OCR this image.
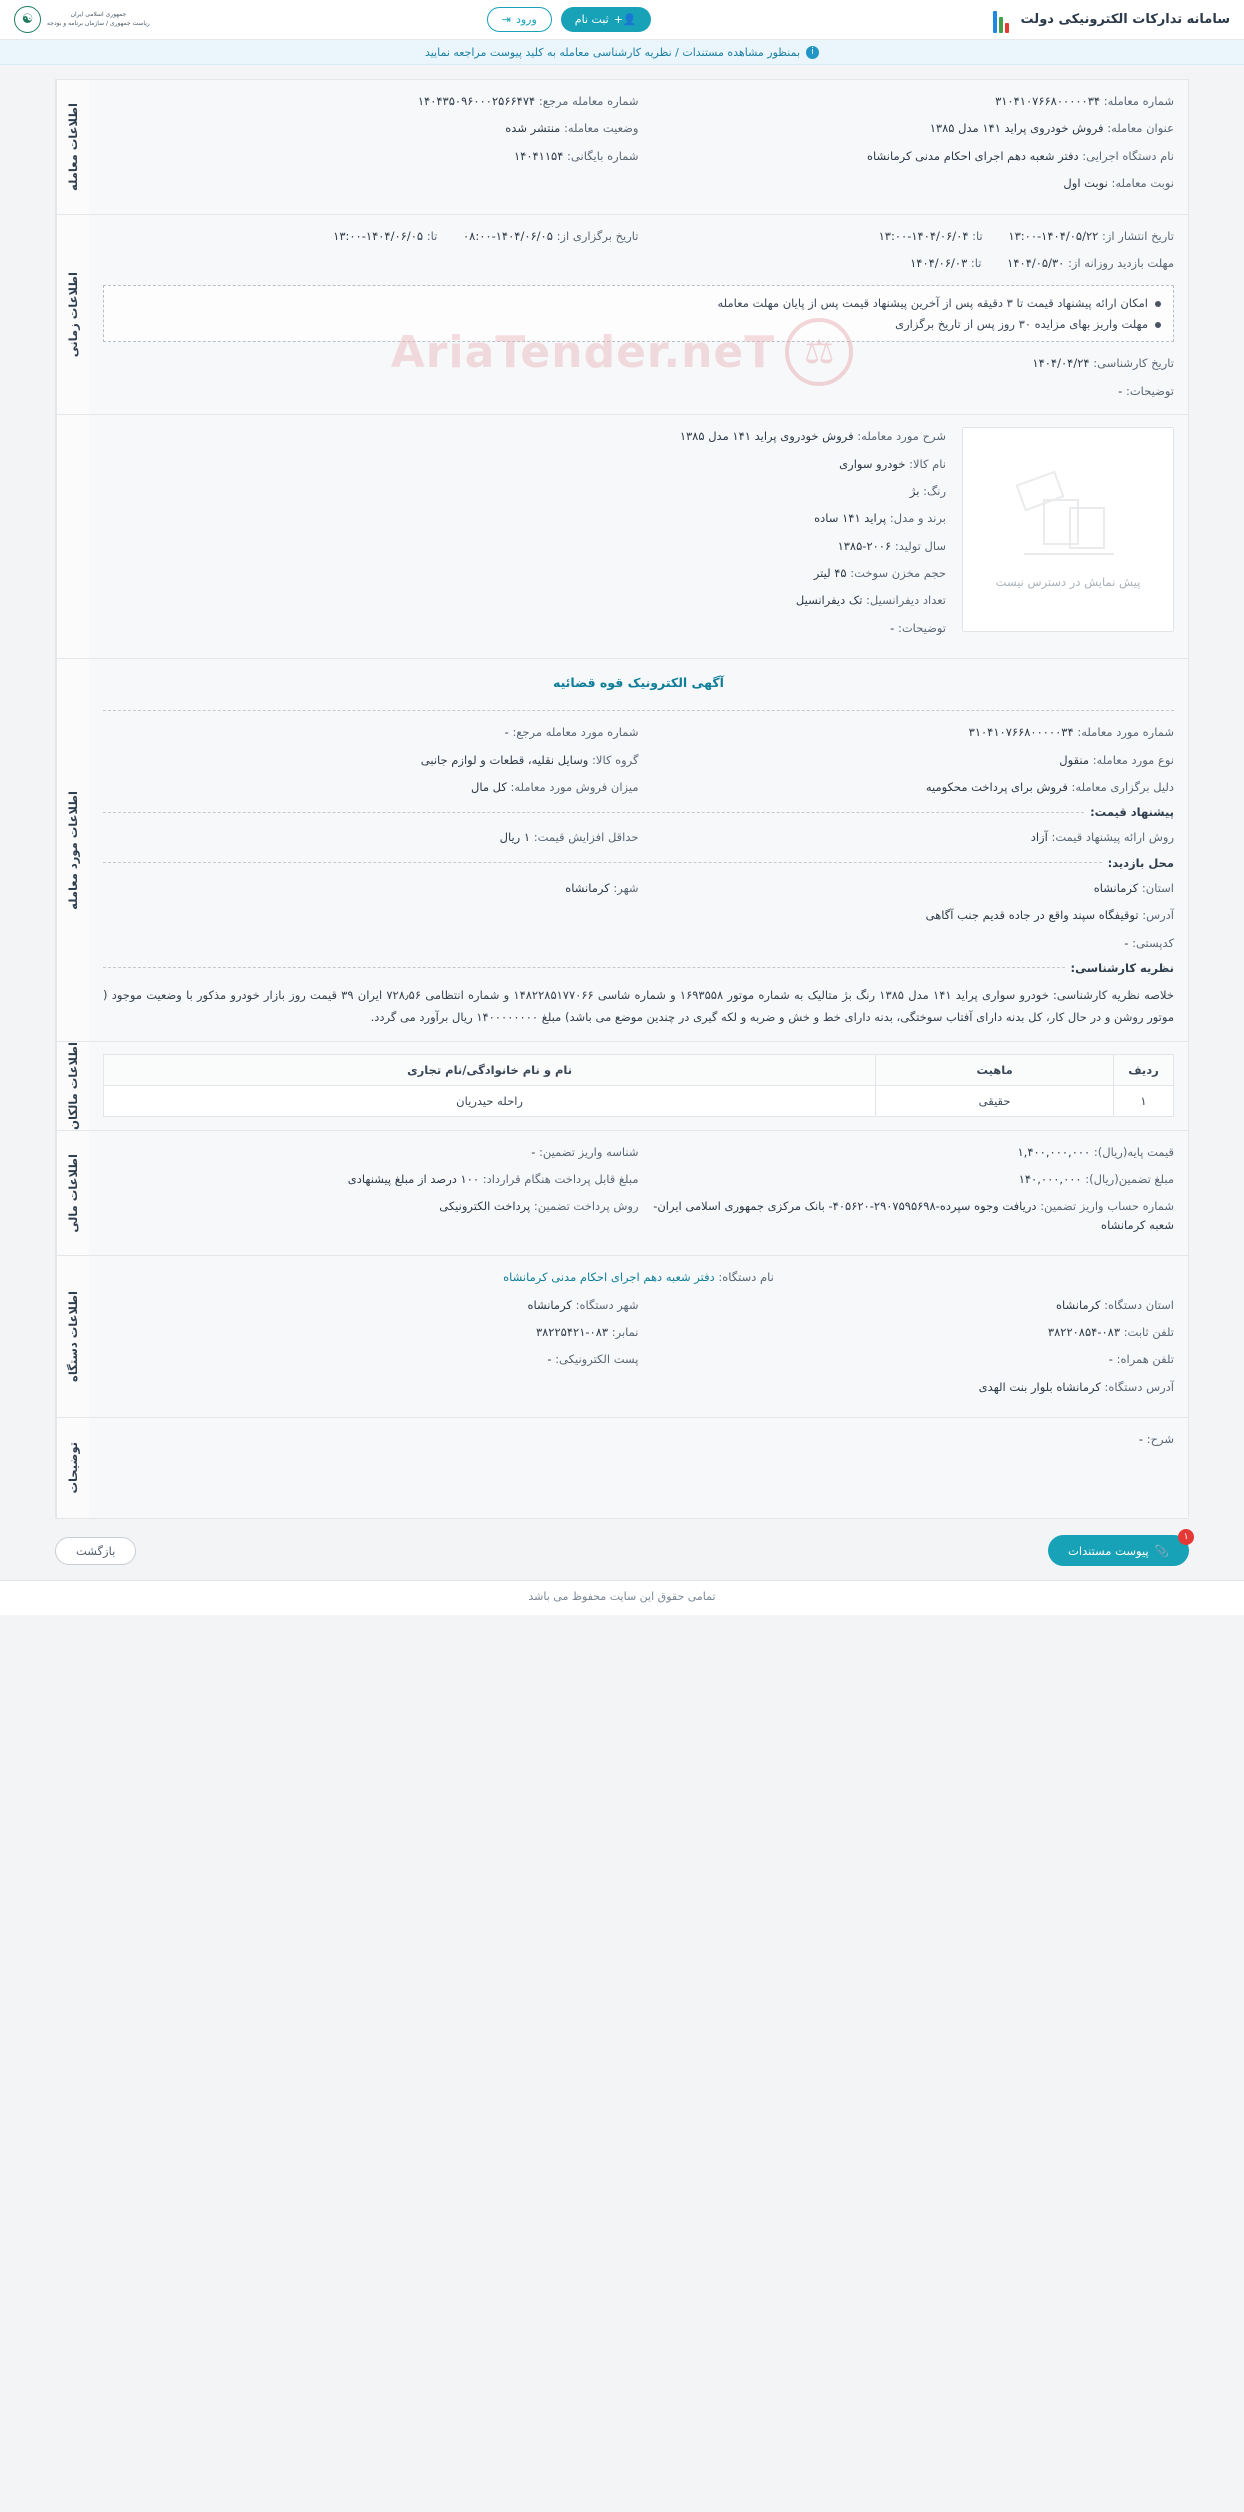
سامانه تدارکات الکترونیکی دولت
👤+
ثبت نام
ورود
⇥
جمهوری اسلامی ایران
ریاست جمهوری / سازمان برنامه و بودجه
☯
i
بمنظور مشاهده مستندات / نظریه کارشناسی معامله به کلید پیوست مراجعه نمایید
⚖
AriaTender.neT
شماره معامله: ۳۱۰۴۱۰۷۶۶۸۰۰۰۰۰۳۴
عنوان معامله: فروش خودروی پراید ۱۴۱ مدل ۱۳۸۵
نام دستگاه اجرایی: دفتر شعبه دهم اجرای احکام مدنی کرمانشاه
نوبت معامله: نوبت اول
شماره معامله مرجع: ۱۴۰۴۳۵۰۹۶۰۰۰۲۵۶۶۴۷۴
وضعیت معامله: منتشر شده
شماره بایگانی: ۱۴۰۴۱۱۵۴
اطلاعات معامله
تاریخ انتشار از: ۱۴۰۴/۰۵/۲۲-۱۳:۰۰ تا: ۱۴۰۴/۰۶/۰۴-۱۳:۰۰
مهلت بازدید روزانه از: ۱۴۰۴/۰۵/۳۰ تا: ۱۴۰۴/۰۶/۰۳
تاریخ برگزاری از: ۱۴۰۴/۰۶/۰۵-۰۸:۰۰ تا: ۱۴۰۴/۰۶/۰۵-۱۳:۰۰
امکان ارائه پیشنهاد قیمت تا ۳ دقیقه پس از آخرین پیشنهاد قیمت پس از پایان مهلت معامله
مهلت واریز بهای مزایده ۳۰ روز پس از تاریخ برگزاری
تاریخ کارشناسی: ۱۴۰۴/۰۴/۲۴
توضیحات: -
اطلاعات زمانی
پیش نمایش در دسترس نیست
شرح مورد معامله: فروش خودروی پراید ۱۴۱ مدل ۱۳۸۵
نام کالا: خودرو سواری
رنگ: بژ
برند و مدل: پراید ۱۴۱ ساده
سال تولید: ۲۰۰۶-۱۳۸۵
حجم مخزن سوخت: ۴۵ لیتر
تعداد دیفرانسیل: تک دیفرانسیل
توضیحات: -
آگهی الکترونیک قوه قضائیه
شماره مورد معامله: ۳۱۰۴۱۰۷۶۶۸۰۰۰۰۰۳۴
نوع مورد معامله: منقول
دلیل برگزاری معامله: فروش برای پرداخت محکومیه
شماره مورد معامله مرجع: -
گروه کالا: وسایل نقلیه، قطعات و لوازم جانبی
میزان فروش مورد معامله: کل مال
پیشنهاد قیمت:
روش ارائه پیشنهاد قیمت: آزاد
حداقل افزایش قیمت: ۱ ریال
محل بازدید:
استان: کرمانشاه
شهر: کرمانشاه
آدرس: توقیفگاه سپند واقع در جاده قدیم جنب آگاهی
کدپستی: -
نظریه کارشناسی:
خلاصه نظریه کارشناسی: خودرو سواری پراید ۱۴۱ مدل ۱۳۸۵ رنگ بژ متالیک به شماره موتور ۱۶۹۳۵۵۸ و شماره شاسی ۱۴۸۲۲۸۵۱۷۷۰۶۶ و شماره انتظامی ۷۲۸٫۵۶ ایران ۳۹ قیمت روز بازار خودرو مذکور با وضعیت موجود ( موتور روشن و در حال کار، کل بدنه دارای آفتاب سوختگی، بدنه دارای خط و خش و ضربه و لکه گیری در چندین موضع می باشد) مبلغ ۱۴۰۰۰۰۰۰۰۰ ریال برآورد می گردد.
اطلاعات مورد معامله
ردیف	ماهیت	نام و نام خانوادگی/نام تجاری
۱	حقیقی	راحله حیدریان
اطلاعات مالکان
قیمت پایه(ریال): ۱,۴۰۰,۰۰۰,۰۰۰
مبلغ تضمین(ریال): ۱۴۰,۰۰۰,۰۰۰
شناسه واریز تضمین: -
مبلغ قابل پرداخت هنگام قرارداد: ۱۰۰ درصد از مبلغ پیشنهادی
شماره حساب واریز تضمین: دریافت وجوه سپرده-۲۹۰۷۵۹۵۶۹۸-۴۰۵۶۲۰- بانک مرکزی جمهوری اسلامی ایران- شعبه کرمانشاه
روش پرداخت تضمین: پرداخت الکترونیکی
اطلاعات مالی
نام دستگاه: دفتر شعبه دهم اجرای احکام مدنی کرمانشاه
استان دستگاه: کرمانشاه
تلفن ثابت: ۰۸۳-۳۸۲۲۰۸۵۴
تلفن همراه: -
آدرس دستگاه: کرمانشاه بلوار بنت الهدی
شهر دستگاه: کرمانشاه
نمابر: ۰۸۳-۳۸۲۲۵۴۲۱
پست الکترونیکی: -
اطلاعات دستگاه
شرح: -
توضیحات
۱
📎
پیوست مستندات
بازگشت
تمامی حقوق این سایت محفوظ می باشد
